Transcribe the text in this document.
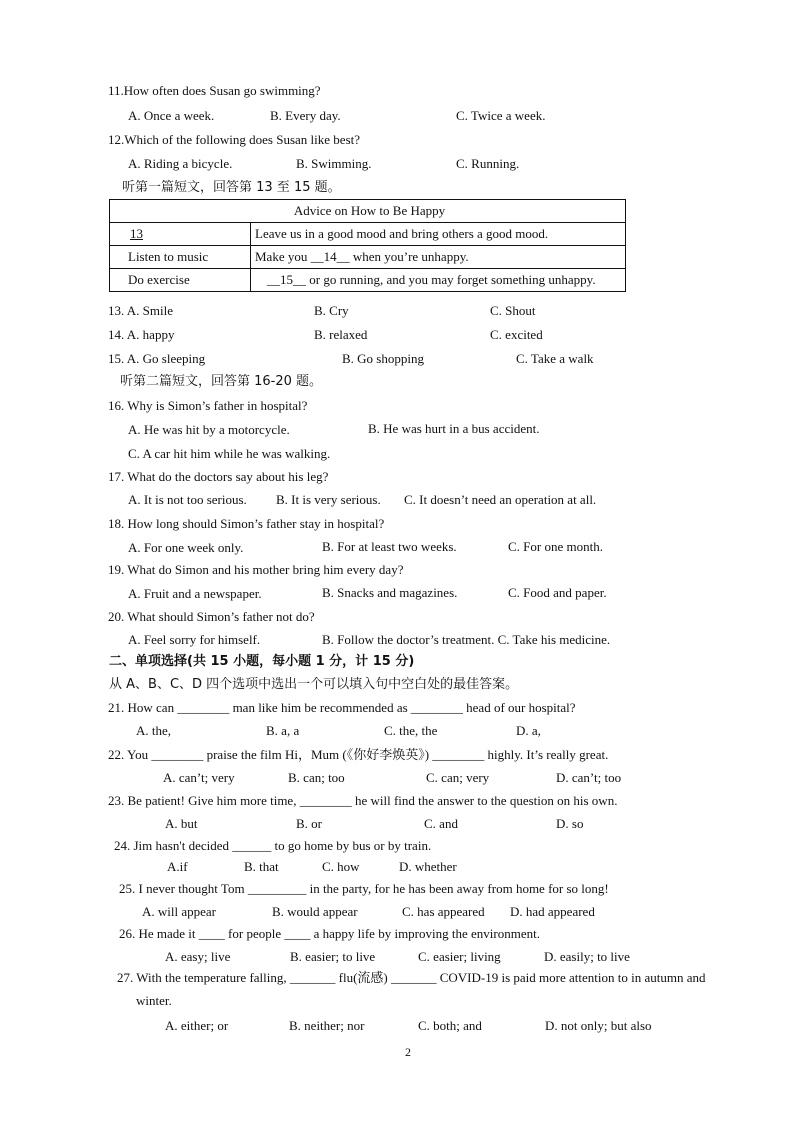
11.How often does Susan go swimming?
A. Once a week.	B. Every day.	C. Twice a week.
12.Which of the following does Susan like best?
A. Riding a bicycle.	B. Swimming.	C. Running.
听第一篇短文，回答第 13 至 15 题。
Advice on How to Be Happy	
13	Leave us in a good mood and bring others a good mood.
Listen to music	Make you __14__ when you’re unhappy.
Do exercise	__15__ or go running, and you may forget something unhappy.
13. A. Smile	B. Cry	C. Shout
14. A. happy	B. relaxed	C. excited
15. A. Go sleeping	B. Go shopping	C. Take a walk
听第二篇短文，回答第 16-20 题。
16. Why is Simon’s father in hospital?
A. He was hit by a motorcycle.	B. He was hurt in a bus accident.
C. A car hit him while he was walking.
17. What do the doctors say about his leg?
A. It is not too serious. B. It is very serious. C. It doesn’t need an operation at all.
18. How long should Simon’s father stay in hospital?
A. For one week only.	B. For at least two weeks.	C. For one month.
19. What do Simon and his mother bring him every day?
A. Fruit and a newspaper.	B. Snacks and magazines.	C. Food and paper.
20. What should Simon’s father not do?
A. Feel sorry for himself.	B. Follow the doctor’s treatment. C. Take his medicine.
二、单项选择(共 15 小题，每小题 1 分，计 15 分)
从 A、B、C、D 四个选项中选出一个可以填入句中空白处的最佳答案。
21. How can ________ man like him be recommended as ________ head of our hospital?
A. the,	B. a, a	C. the, the	D. a,
22. You ________ praise the film Hi，Mum (《你好李焕英》) ________ highly. It’s really great.
A. can’t; very	B. can; too	C. can; very	D. can’t; too
23. Be patient! Give him more time, ________ he will find the answer to the question on his own.
A. but	B. or	C. and	D. so
24. Jim hasn't decided ______ to go home by bus or by train.
A.if	B. that	C. how	D. whether
25. I never thought Tom _________ in the party, for he has been away from home for so long!
A. will appear	B. would appear	C. has appeared D. had appeared
26. He made it ____ for people ____ a happy life by improving the environment.
A. easy; live	B. easier; to live	C. easier; living	D. easily; to live
27. With the temperature falling, _______ flu(流感) _______ COVID-19 is paid more attention to in autumn and
winter.
A. either; or	B. neither; nor	C. both; and	D. not only; but also
2
